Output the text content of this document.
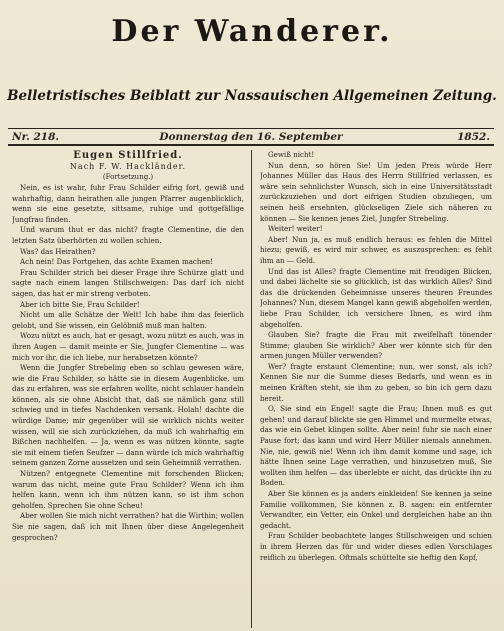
Der Wanderer.
Belletristisches Beiblatt zur Nassauischen Allgemeinen Zeitung.
Nr. 218.	Donnerstag den 16. September	1852.
Eugen Stillfried.
Nach F. W. Hackländer.
(Fortsetzung.)

Nein, es ist wahr, fuhr Frau Schilder eifrig fort, gewiß und wahrhaftig, dann heirathen alle jungen Pfarrer augenblicklich, wenn sie eine gesetzte, sittsame, ruhige und gottgefällige Jungfrau finden.

Und warum thut er das nicht? fragte Clementine, die den letzten Satz überhörten zu wollen schien.

Was? das Heirathen?

Ach nein! Das Fortgehen, das achte Examen machen!

Frau Schilder strich bei dieser Frage ihre Schürze glatt und sagte nach einem langen Stillschweigen: Das darf ich nicht sagen, das hat er mir streng verboten.

Aber ich bitte Sie, Frau Schilder!

Nicht um alle Schätze der Welt! Ich habe ihm das feierlich gelobt, und Sie wissen, ein Gelöbniß muß man halten.

Wozu nützt es auch, hat er gesagt, wozu nützt es auch, was in ihren Augen — damit meinte er Sie, Jungfer Clementine — was mich vor ihr, die ich liebe, nur herabsetzen könnte?

Wenn die Jungfer Strebeling eben so schlau gewesen wäre, wie die Frau Schilder, so hätte sie in diesem Augenblicke, um das zu erfahren, was sie erfahren wollte, nicht schlauer handeln können, als sie ohne Absicht that, daß sie nämlich ganz still schwieg und in tiefes Nachdenken versank. Holah! dachte die würdige Dame; mir gegenüber will sie wirklich nichts weiter wissen, will sie sich zurückziehen, da muß ich wahrhaftig ein Bißchen nachhelfen. — Ja, wenn es was nützen könnte, sagte sie mit einem tiefen Seufzer — dann würde ich mich wahrhaftig seinem ganzen Zorne aussetzen und sein Geheimniß verrathen.

Nützen? entgegnete Clementine mit forschenden Blicken; warum das nicht, meine gute Frau Schilder? Wenn ich ihm helfen kann, wenn ich ihm nützen kann, so ist ihm schon geholfen. Sprechen Sie ohne Scheu!

Aber wollen Sie mich nicht verrathen? hat die Wirthin; wollen Sie nie sagen, daß ich mit Ihnen über diese Angelegenheit gesprochen?

Gewiß nicht!

Nun denn, so hören Sie! Um jeden Preis würde Herr Johannes Müller das Haus des Herrn Stillfried verlassen, es wäre sein sehnlichster Wunsch, sich in eine Universitätsstadt zurückzuziehen und dort eifrigen Studien obzuliegen, um seinen heiß ersehnten, glückseligen Ziele sich näheren zu können — Sie kennen jenes Ziel, Jungfer Strebeling.

Weiter! weiter!

Aber! Nun ja, es muß endlich heraus: es fehlen die Mittel hiezu; gewiß, es wird mir schwer, es auszusprechen: es fehlt ihm an — Geld.

Und das ist Alles? fragte Clementine mit freudigen Blicken, und dabei lächelte sie so glücklich, ist das wirklich Alles? Sind das die drückenden Geheimnisse unseres theuren Freundes Johannes? Nun, diesem Mangel kann gewiß abgeholfen werden, liebe Frau Schilder, ich versichere Ihnen, es wird ihm abgeholfen.

Glauben Sie? fragte die Frau mit zweifelhaft tönender Stimme; glauben Sie wirklich? Aber wer könnte sich für den armen jungen Müller verwenden?

Wer? fragte erstaunt Clementine; nun, wer sonst, als ich? Kennen Sie nur die Summe dieses Bedarfs, und wenn es in meinen Kräften steht, sie ihm zu geben, so bin ich gern dazu bereit.

O, Sie sind ein Engel! sagte die Frau; Ihnen muß es gut gehen! und darauf blickte sie gen Himmel und murmelte etwas, das wie ein Gebet klingen sollte. Aber nein! fuhr sie nach einer Pause fort; das kann und wird Herr Müller niemals annehmen. Nie, nie, gewiß nie! Wenn ich ihm damit komme und sage, ich hätte Ihnen seine Lage verrathen, und hinzusetzen muß, Sie wollten ihm helfen — das überlebte er nicht, das drückte ihn zu Boden.

Aber Sie können es ja anders einkleiden! Sie kennen ja seine Familie vollkommen, Sie können z. B. sagen: ein entfernter Verwandter, ein Vetter, ein Onkel und dergleichen habe an ihn gedacht.

Frau Schilder beobachtete langes Stillschweigen und schien in ihrem Herzen das für und wider dieses edlen Vorschlages reiflich zu überlegen. Oftmals schüttelte sie heftig den Kopf,
